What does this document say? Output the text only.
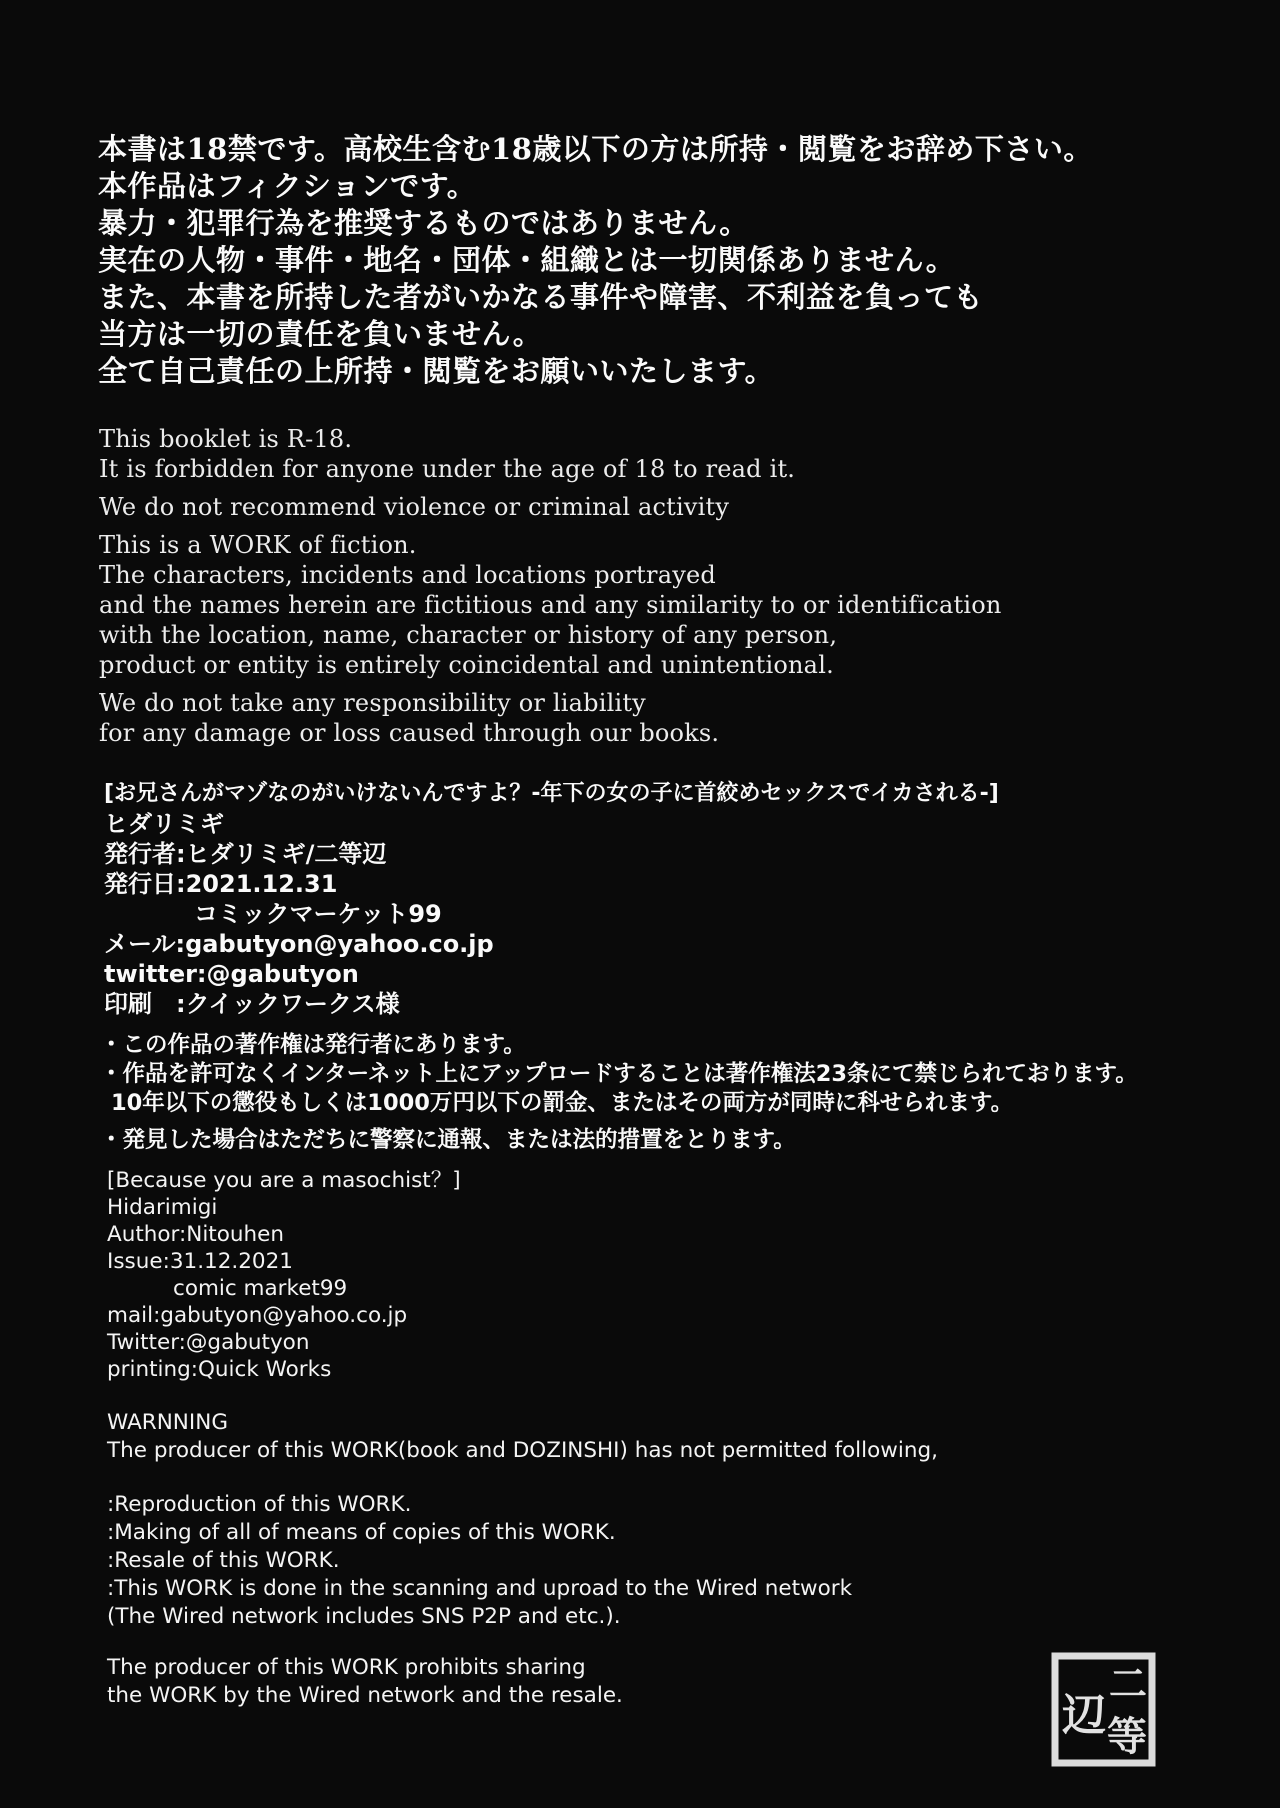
本書は18禁です。高校生含む18歳以下の方は所持・閲覧をお辞め下さい。
本作品はフィクションです。
暴力・犯罪行為を推奨するものではありません。
実在の人物・事件・地名・団体・組織とは一切関係ありません。
また、本書を所持した者がいかなる事件や障害、不利益を負っても
当方は一切の責任を負いません。
全て自己責任の上所持・閲覧をお願いいたします。
This booklet is R-18.
It is forbidden for anyone under the age of 18 to read it.
We do not recommend violence or criminal activity
This is a WORK of fiction.
The characters, incidents and locations portrayed
and the names herein are fictitious and any similarity to or identification
with the location, name, character or history of any person,
product or entity is entirely coincidental and unintentional.
We do not take any responsibility or liability
for any damage or loss caused through our books.
[お兄さんがマゾなのがいけないんですよ？-年下の女の子に首絞めセックスでイカされる-]
ヒダリミギ
発行者:ヒダリミギ/二等辺
発行日:2021.12.31
コミックマーケット99
メール:gabutyon@yahoo.co.jp
twitter:@gabutyon
印刷　:クイックワークス様
・この作品の著作権は発行者にあります。
・作品を許可なくインターネット上にアップロードすることは著作権法23条にて禁じられております。
10年以下の懲役もしくは1000万円以下の罰金、またはその両方が同時に科せられます。
・発見した場合はただちに警察に通報、または法的措置をとります。
[Because you are a masochist？]
Hidarimigi
Author:Nitouhen
Issue:31.12.2021
comic market99
mail:gabutyon@yahoo.co.jp
Twitter:@gabutyon
printing:Quick Works
WARNNING
The producer of this WORK(book and DOZINSHI) has not permitted following,
:Reproduction of this WORK.
:Making of all of means of copies of this WORK.
:Resale of this WORK.
:This WORK is done in the scanning and uproad to the Wired network
(The Wired network includes SNS P2P and etc.).
The producer of this WORK prohibits sharing
the WORK by the Wired network and the resale.	二
等
辺
